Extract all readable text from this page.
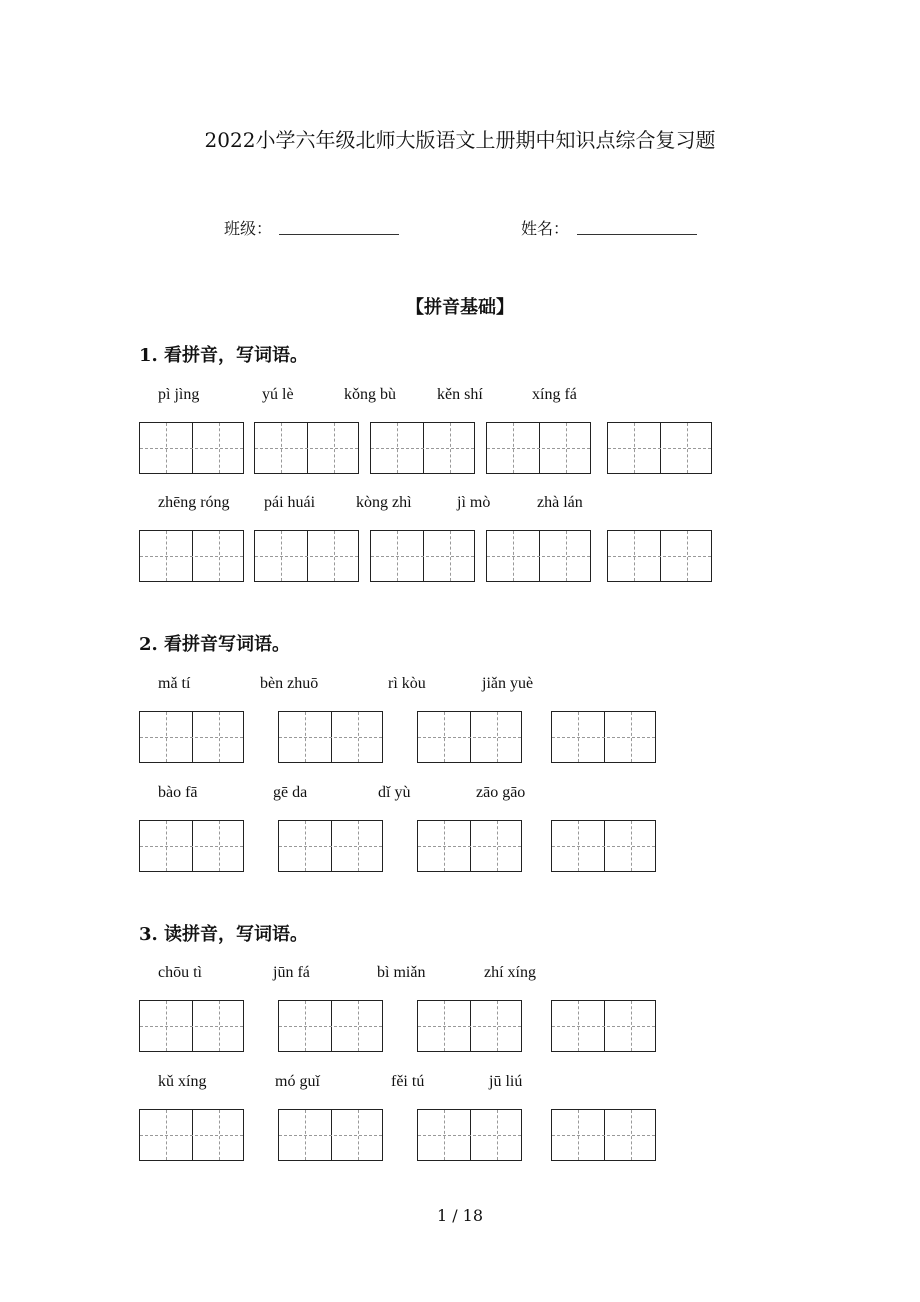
2022小学六年级北师大版语文上册期中知识点综合复习题
班级：	姓名：
【拼音基础】
1. 看拼音，写词语。
pì jìng	yú lè	kǒng bù	kěn shí	xíng fá
zhēng róng pái huái	kòng zhì	jì mò	zhà lán
2. 看拼音写词语。
mǎ tí	bèn zhuō	rì kòu	jiǎn yuè
bào fā	gē da	dǐ yù	zāo gāo
3. 读拼音，写词语。
chōu tì	jūn fá	bì miǎn	zhí xíng
kǔ xíng	mó guǐ	fěi tú	jū liú
1 / 18
